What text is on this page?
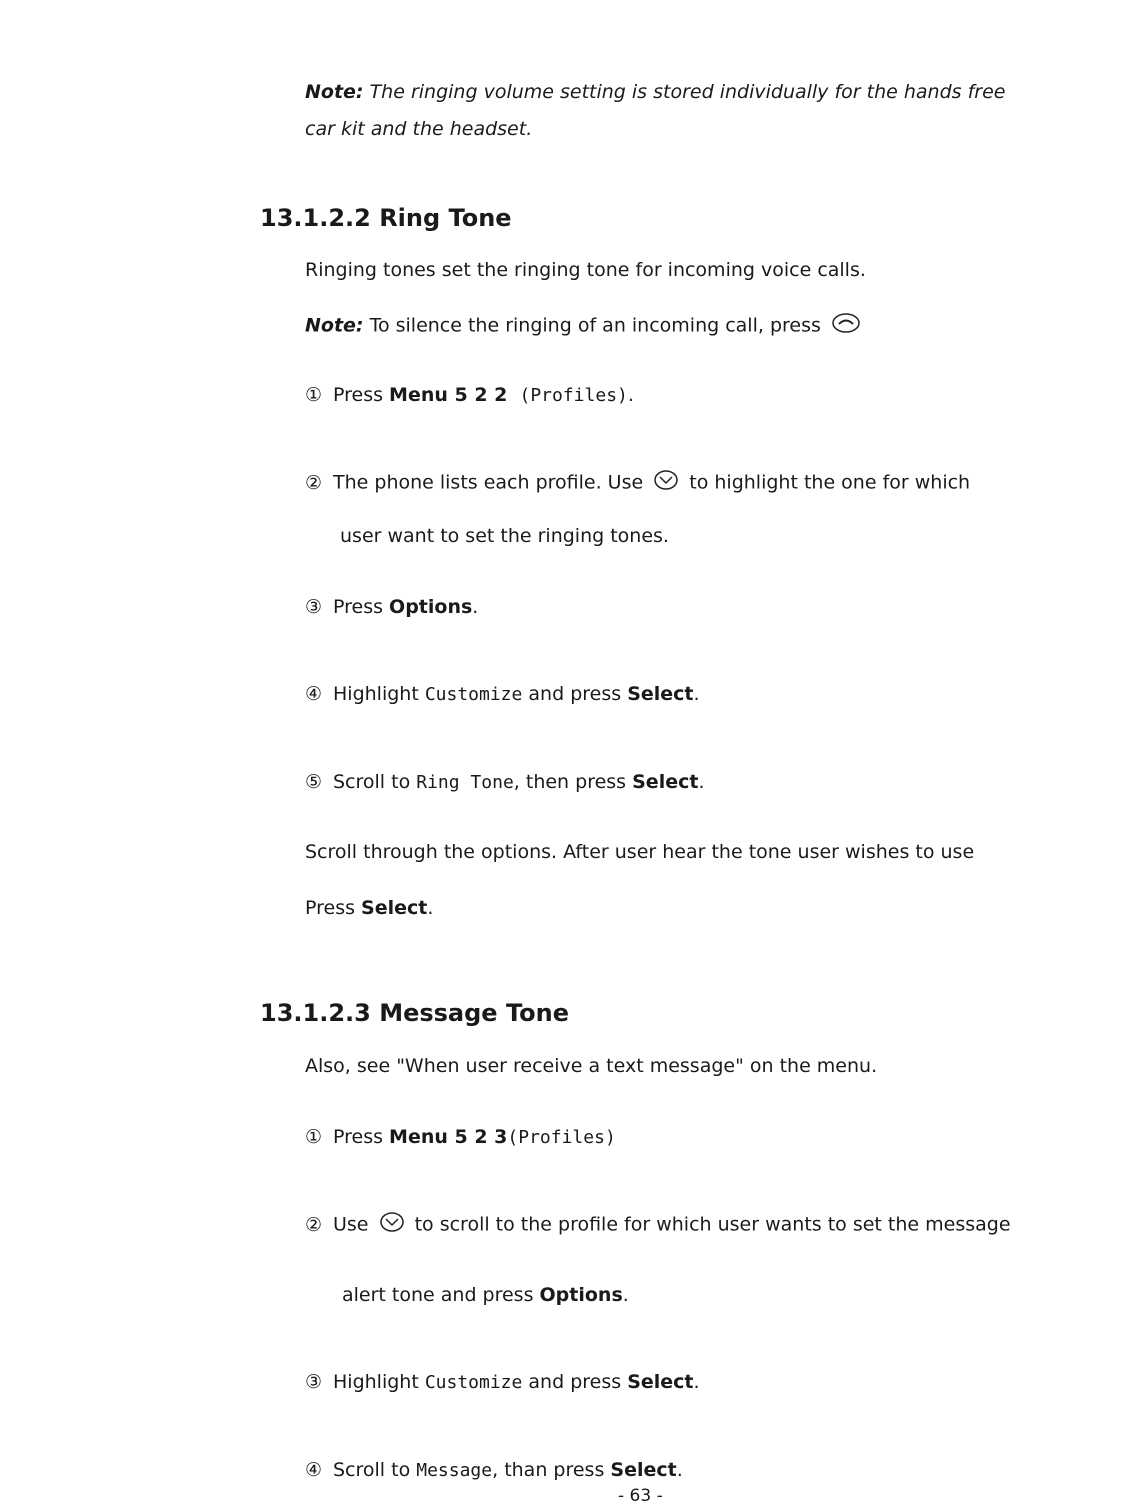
Note: The ringing volume setting is stored individually for the hands free
car kit and the headset.
13.1.2.2 Ring Tone
Ringing tones set the ringing tone for incoming voice calls.
Note: To silence the ringing of an incoming call, press
① Press Menu 5 2 2 (Profiles).
② The phone lists each profile. Use to highlight the one for which
user want to set the ringing tones.
③ Press Options.
④ Highlight Customize and press Select.
⑤ Scroll to Ring Tone, then press Select.
Scroll through the options. After user hear the tone user wishes to use
Press Select.
13.1.2.3 Message Tone
Also, see "When user receive a text message" on the menu.
① Press Menu 5 2 3(Profiles)
② Use to scroll to the profile for which user wants to set the message
alert tone and press Options.
③ Highlight Customize and press Select.
④ Scroll to Message, than press Select.
- 63 -
